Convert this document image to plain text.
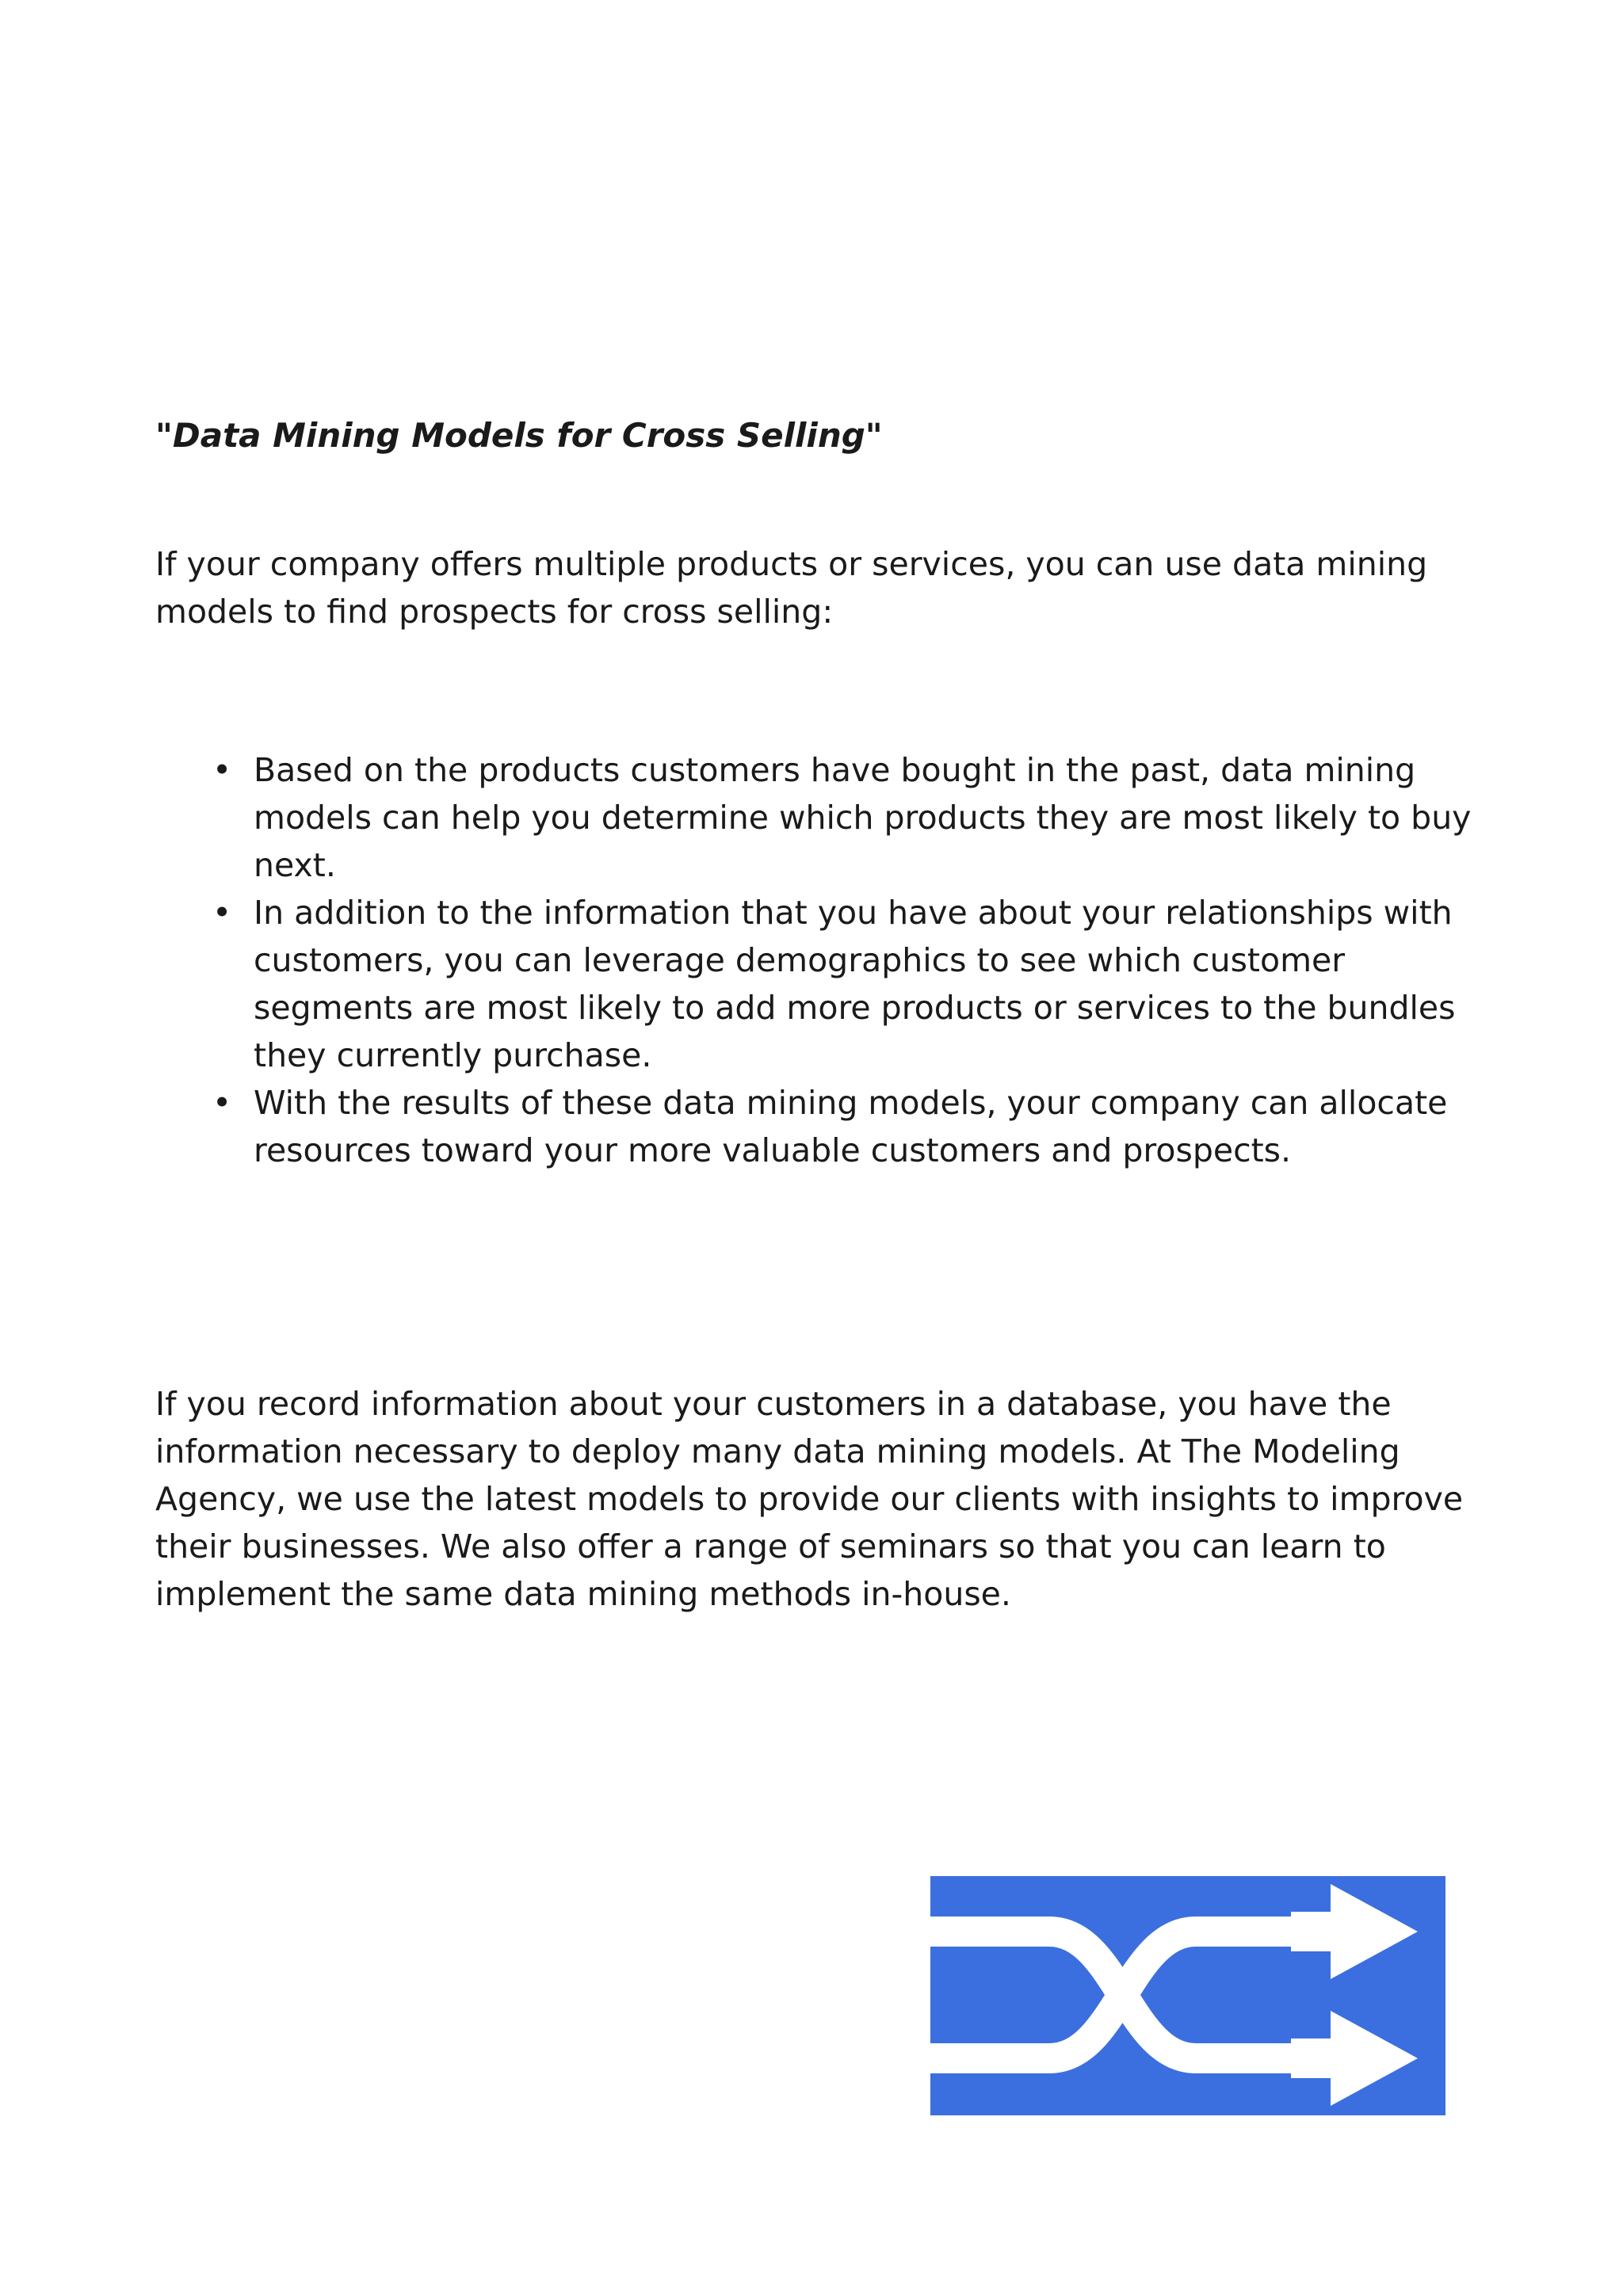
"Data Mining Models for Cross Selling"

If your company offers multiple products or services, you can use data mining models to find prospects for cross selling:

• Based on the products customers have bought in the past, data mining models can help you determine which products they are most likely to buy next.
• In addition to the information that you have about your relationships with customers, you can leverage demographics to see which customer segments are most likely to add more products or services to the bundles they currently purchase.
• With the results of these data mining models, your company can allocate resources toward your more valuable customers and prospects.

If you record information about your customers in a database, you have the information necessary to deploy many data mining models. At The Modeling Agency, we use the latest models to provide our clients with insights to improve their businesses. We also offer a range of seminars so that you can learn to implement the same data mining methods in-house.
